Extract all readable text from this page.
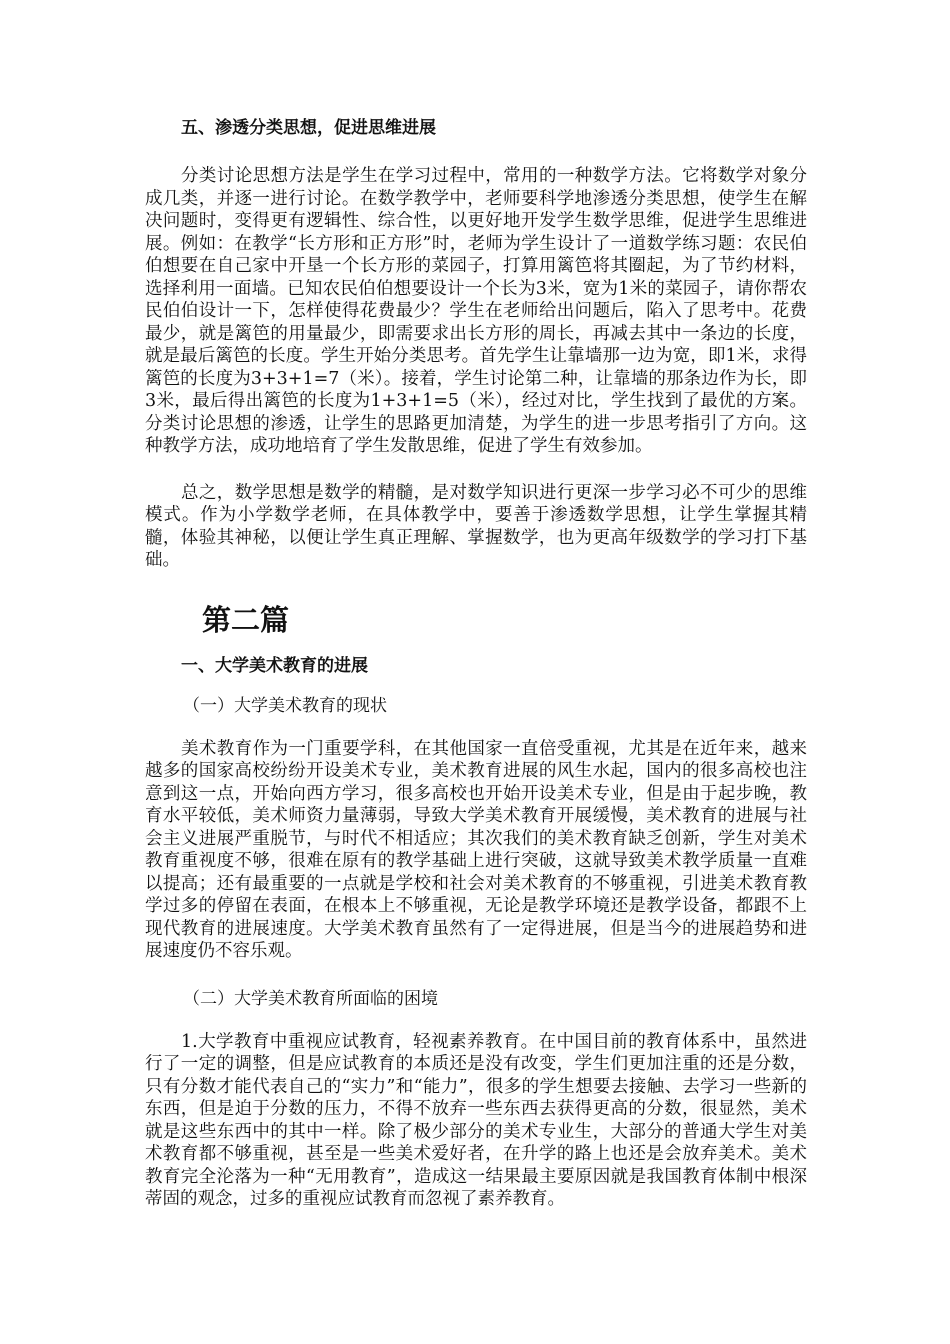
五、渗透分类思想，促进思维进展

分类讨论思想方法是学生在学习过程中，常用的一种数学方法。它将数学对象分成几类，并逐一进行讨论。在数学教学中，老师要科学地渗透分类思想，使学生在解决问题时，变得更有逻辑性、综合性，以更好地开发学生数学思维，促进学生思维进展。例如：在教学“长方形和正方形”时，老师为学生设计了一道数学练习题：农民伯伯想要在自己家中开垦一个长方形的菜园子，打算用篱笆将其圈起，为了节约材料，选择利用一面墙。已知农民伯伯想要设计一个长为3米，宽为1米的菜园子，请你帮农民伯伯设计一下，怎样使得花费最少？学生在老师给出问题后，陷入了思考中。花费最少，就是篱笆的用量最少，即需要求出长方形的周长，再减去其中一条边的长度，就是最后篱笆的长度。学生开始分类思考。首先学生让靠墙那一边为宽，即1米，求得篱笆的长度为3+3+1=7（米）。接着，学生讨论第二种，让靠墙的那条边作为长，即3米，最后得出篱笆的长度为1+3+1=5（米），经过对比，学生找到了最优的方案。分类讨论思想的渗透，让学生的思路更加清楚，为学生的进一步思考指引了方向。这种教学方法，成功地培育了学生发散思维，促进了学生有效参加。

总之，数学思想是数学的精髓，是对数学知识进行更深一步学习必不可少的思维模式。作为小学数学老师，在具体教学中，要善于渗透数学思想，让学生掌握其精髓，体验其神秘，以便让学生真正理解、掌握数学，也为更高年级数学的学习打下基础。

第二篇
一、大学美术教育的进展

（一）大学美术教育的现状

美术教育作为一门重要学科，在其他国家一直倍受重视，尤其是在近年来，越来越多的国家高校纷纷开设美术专业，美术教育进展的风生水起，国内的很多高校也注意到这一点，开始向西方学习，很多高校也开始开设美术专业，但是由于起步晚，教育水平较低，美术师资力量薄弱，导致大学美术教育开展缓慢，美术教育的进展与社会主义进展严重脱节，与时代不相适应；其次我们的美术教育缺乏创新，学生对美术教育重视度不够，很难在原有的教学基础上进行突破，这就导致美术教学质量一直难以提高；还有最重要的一点就是学校和社会对美术教育的不够重视，引进美术教育教学过多的停留在表面，在根本上不够重视，无论是教学环境还是教学设备，都跟不上现代教育的进展速度。大学美术教育虽然有了一定得进展，但是当今的进展趋势和进展速度仍不容乐观。

（二）大学美术教育所面临的困境

1.大学教育中重视应试教育，轻视素养教育。在中国目前的教育体系中，虽然进行了一定的调整，但是应试教育的本质还是没有改变，学生们更加注重的还是分数，只有分数才能代表自己的“实力”和“能力”，很多的学生想要去接触、去学习一些新的东西，但是迫于分数的压力，不得不放弃一些东西去获得更高的分数，很显然，美术就是这些东西中的其中一样。除了极少部分的美术专业生，大部分的普通大学生对美术教育都不够重视，甚至是一些美术爱好者，在升学的路上也还是会放弃美术。美术教育完全沦落为一种“无用教育”，造成这一结果最主要原因就是我国教育体制中根深蒂固的观念，过多的重视应试教育而忽视了素养教育。
